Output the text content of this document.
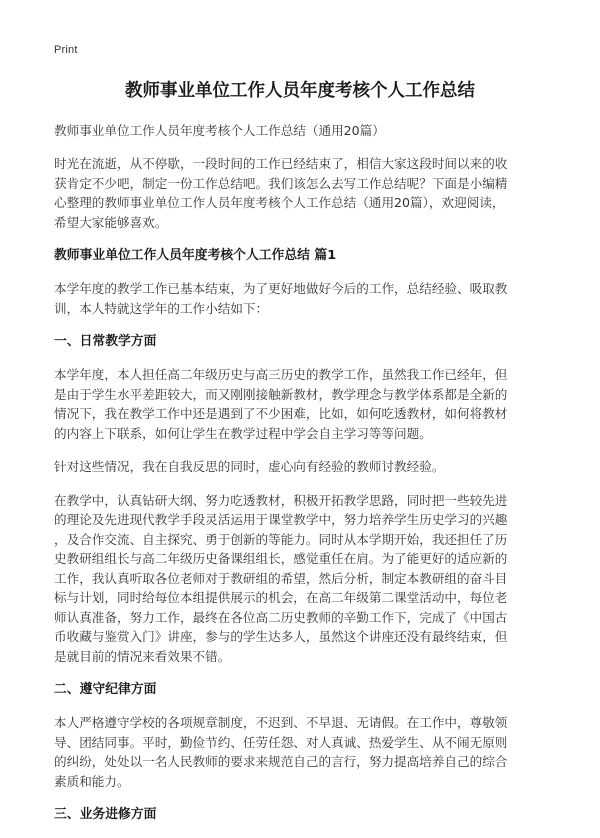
Print
教师事业单位工作人员年度考核个人工作总结

教师事业单位工作人员年度考核个人工作总结（通用20篇）

时光在流逝，从不停歇，一段时间的工作已经结束了，相信大家这段时间以来的收
获肯定不少吧，制定一份工作总结吧。我们该怎么去写工作总结呢？下面是小编精
心整理的教师事业单位工作人员年度考核个人工作总结（通用20篇），欢迎阅读，
希望大家能够喜欢。

教师事业单位工作人员年度考核个人工作总结 篇1

本学年度的教学工作已基本结束，为了更好地做好今后的工作，总结经验、吸取教
训，本人特就这学年的工作小结如下：

一、日常教学方面

本学年度，本人担任高二年级历史与高三历史的教学工作，虽然我工作已经年，但
是由于学生水平差距较大，而又刚刚接触新教材，教学理念与教学体系都是全新的
情况下，我在教学工作中还是遇到了不少困难，比如，如何吃透教材，如何将教材
的内容上下联系，如何让学生在教学过程中学会自主学习等等问题。

针对这些情况，我在自我反思的同时，虚心向有经验的教师讨教经验。

在教学中，认真钻研大纲、努力吃透教材，积极开拓教学思路，同时把一些较先进
的理论及先进现代教学手段灵活运用于课堂教学中，努力培养学生历史学习的兴趣
，及合作交流、自主探究、勇于创新的等能力。同时从本学期开始，我还担任了历
史教研组组长与高二年级历史备课组组长，感觉重任在肩。为了能更好的适应新的
工作，我认真听取各位老师对于教研组的希望，然后分析，制定本教研组的奋斗目
标与计划，同时给每位本组提供展示的机会，在高二年级第二课堂活动中，每位老
师认真准备，努力工作，最终在各位高二历史教师的辛勤工作下，完成了《中国古
币收藏与鉴赏入门》讲座，参与的学生达多人，虽然这个讲座还没有最终结束，但
是就目前的情况来看效果不错。

二、遵守纪律方面

本人严格遵守学校的各项规章制度，不迟到、不早退、无请假。在工作中，尊敬领
导、团结同事。平时，勤俭节约、任劳任怨、对人真诚、热爱学生、从不闹无原则
的纠纷，处处以一名人民教师的要求来规范自己的言行，努力提高培养自己的综合
素质和能力。

三、业务进修方面
